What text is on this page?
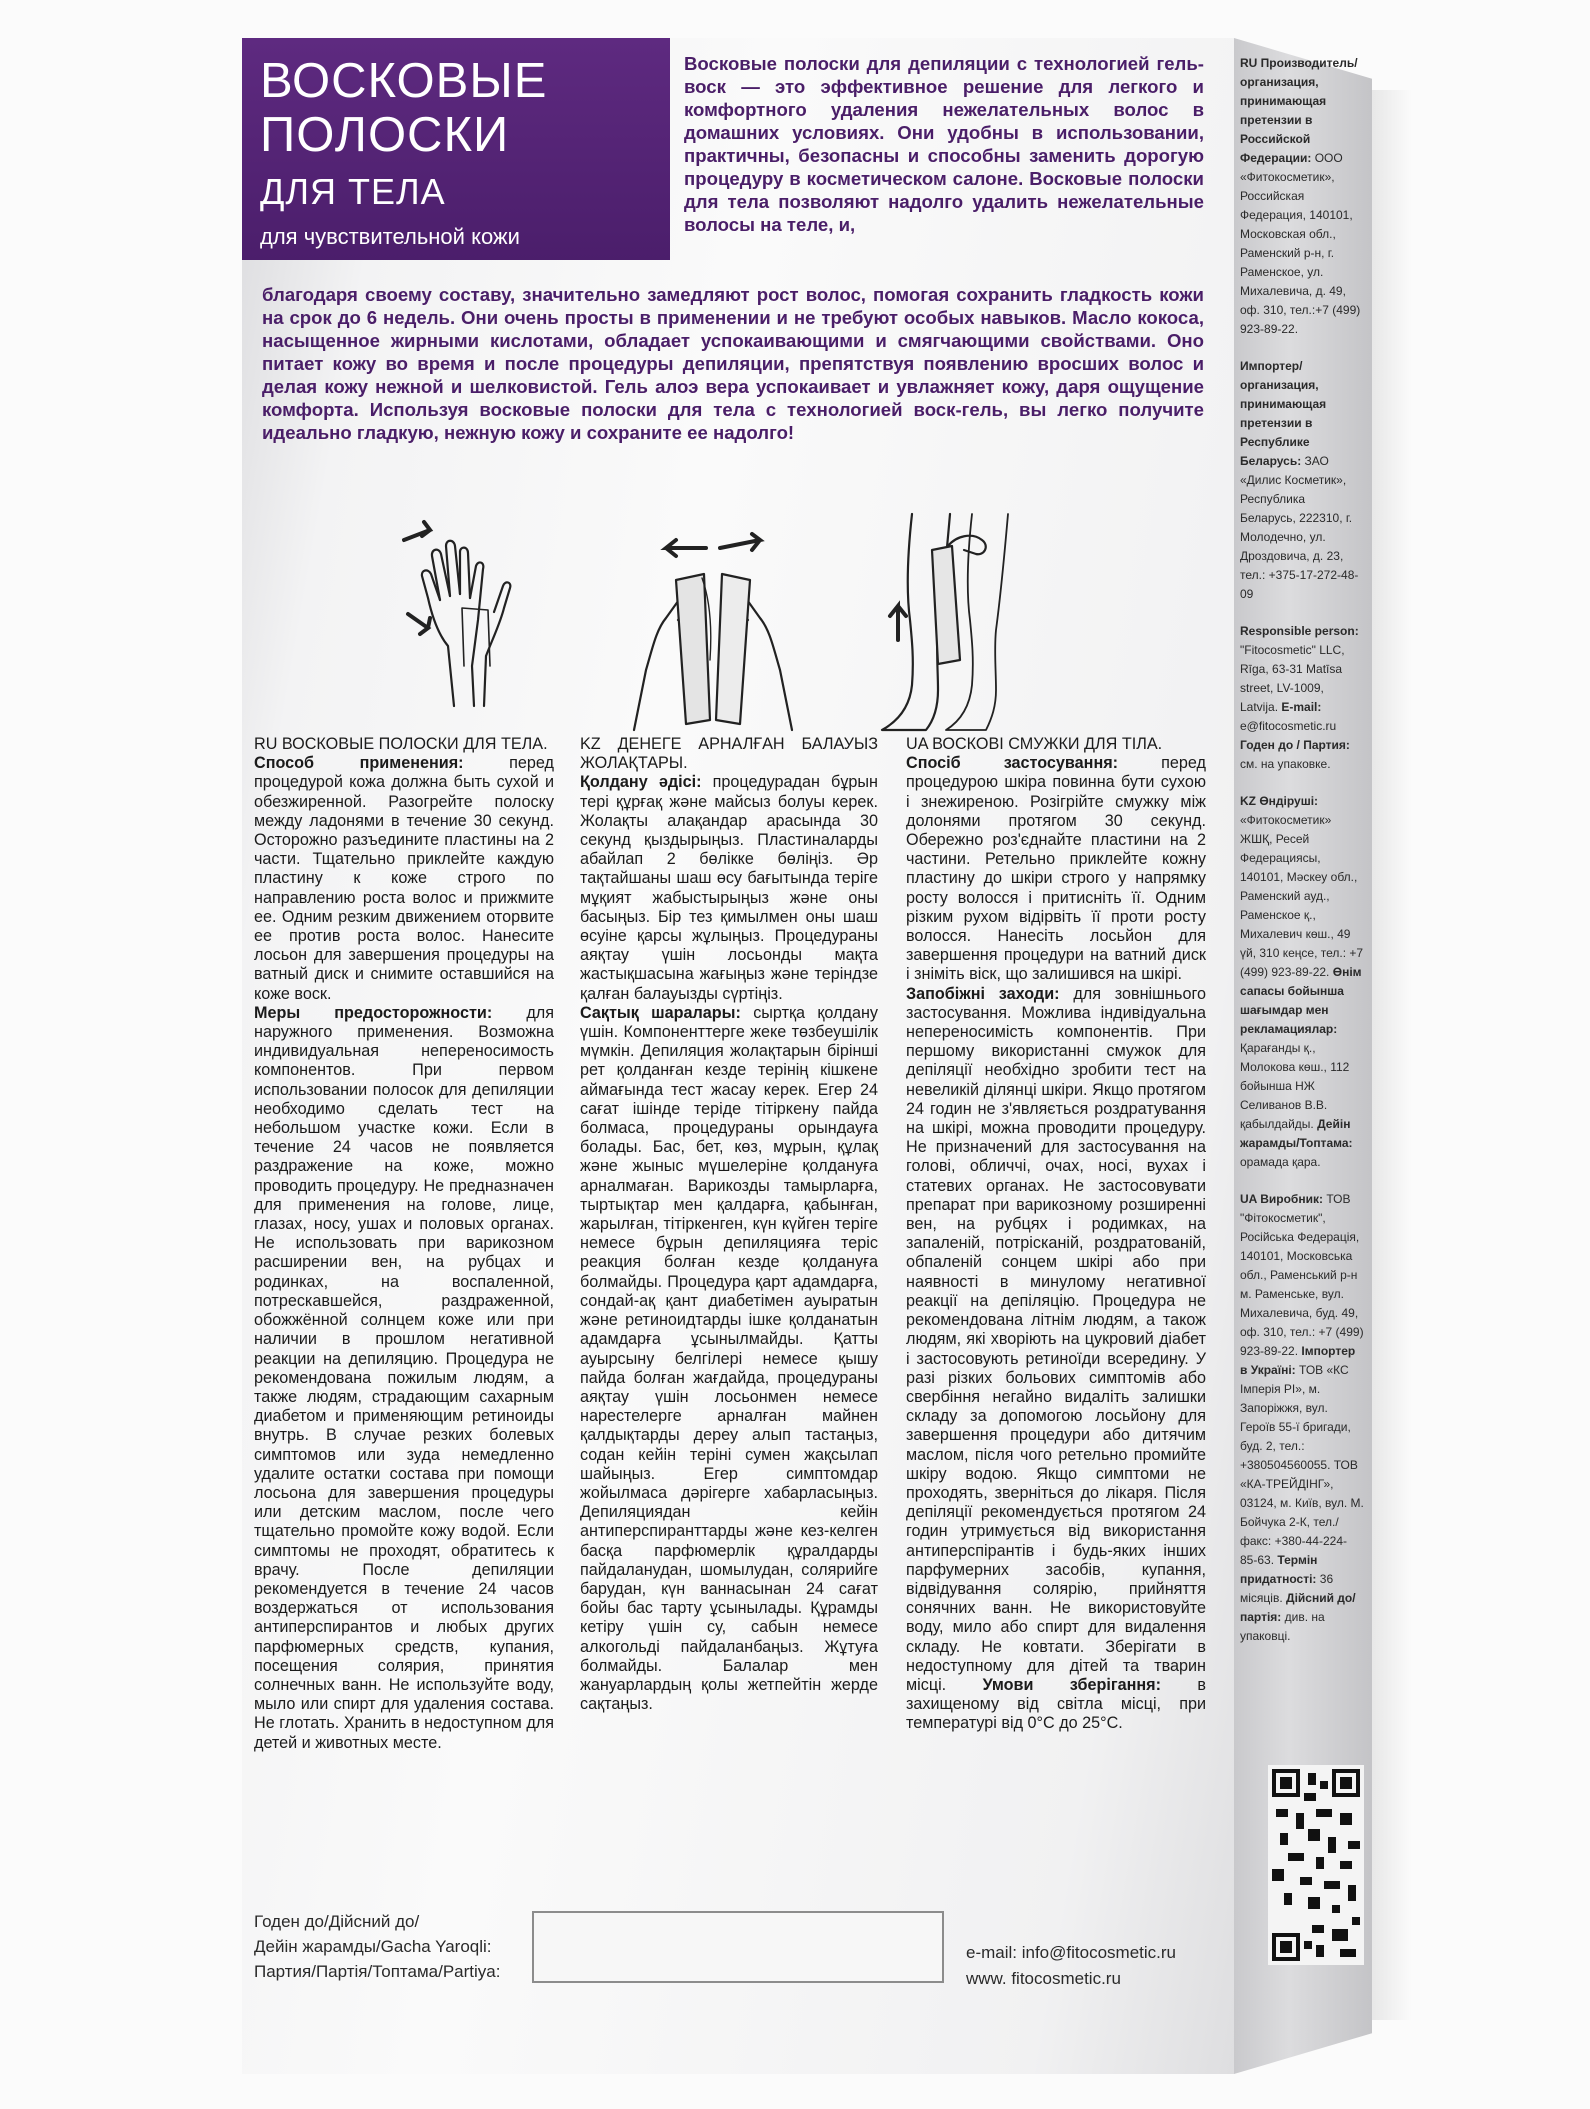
ВОСКОВЫЕ
ПОЛОСКИ
ДЛЯ ТЕЛА
для чувствительной кожи
Восковые полоски для депиляции с технологией гель-воск — это эффективное решение для легкого и комфортного удаления нежелательных волос в домашних условиях. Они удобны в использовании, практичны, безопасны и способны заменить дорогую процедуру в косметическом салоне. Восковые полоски для тела позволяют надолго удалить нежелательные волосы на теле, и,
благодаря своему составу, значительно замедляют рост волос, помогая сохранить гладкость кожи на срок до 6 недель. Они очень просты в применении и не требуют особых навыков. Масло кокоса, насыщенное жирными кислотами, обладает успокаивающими и смягчающими свойствами. Оно питает кожу во время и после процедуры депиляции, препятствуя появлению вросших волос и делая кожу нежной и шелковистой. Гель алоэ вера успокаивает и увлажняет кожу, даря ощущение комфорта. Используя восковые полоски для тела с технологией воск-гель, вы легко получите идеально гладкую, нежную кожу и сохраните ее надолго!

RU Производитель/ организация, принимающая претензии в Российской Федерации: ООО «Фитокосметик», Российская Федерация, 140101, Московская обл., Раменский р-н, г. Раменское, ул. Михалевича, д. 49, оф. 310, тел.:+7 (499) 923-89-22.

Импортер/организация, принимающая претензии в Республике Беларусь: ЗАО «Дилис Косметик», Республика Беларусь, 222310, г. Молодечно, ул. Дроздовича, д. 23, тел.: +375-17-272-48-09

Responsible person: "Fitocosmetic" LLC, Rīga, 63-31 Matīsa street, LV-1009, Latvija. E-mail: e@fitocosmetic.ru Годен до / Партия: см. на упаковке.

KZ Өндіруші: «Фитокосметик» ЖШҚ, Ресей Федерациясы, 140101, Мәскеу обл., Раменский ауд., Раменское қ., Михалевич көш., 49 үй, 310 кеңсе, тел.: +7 (499) 923-89-22. Өнім сапасы бойынша шағымдар мен рекламациялар: Қарағанды қ., Молокова көш., 112 бойынша НЖ Селиванов В.В. қабылдайды. Дейін жарамды/Топтама: орамада қара.

UA Виробник: ТОВ "Фітокосметик", Російська Федерація, 140101, Московська обл., Раменський р-н м. Раменське, вул. Михалевича, буд. 49, оф. 310, тел.: +7 (499) 923-89-22. Імпортер в Україні: ТОВ «КС Імперія РІ», м. Запоріжжя, вул. Героїв 55-ї бригади, буд. 2, тел.: +380504560055. ТОВ «КА-ТРЕЙДІНГ», 03124, м. Київ, вул. М. Бойчука 2-К, тел./факс: +380-44-224-85-63. Термін придатності: 36 місяців. Дійсний до/партія: див. на упаковці.

RU ВОСКОВЫЕ ПОЛОСКИ ДЛЯ ТЕЛА.
Способ применения:	перед процедурой кожа должна быть сухой и обезжиренной. Разогрейте полоску между ладонями в течение 30 секунд. Осторожно разъедините пластины на 2 части. Тщательно приклейте каждую пластину к коже строго по направлению роста волос и прижмите ее. Одним резким движением оторвите ее против роста волос. Нанесите лосьон для завершения процедуры на ватный диск и снимите оставшийся на коже воск.
Меры предосторожности: для наружного применения. Возможна индивидуальная непереносимость компонентов. При первом использовании полосок для депиляции необходимо сделать тест на небольшом участке кожи. Если в течение 24 часов не появляется раздражение на коже, можно проводить процедуру. Не предназначен для применения на голове, лице, глазах, носу, ушах и половых органах. Не использовать при варикозном расширении вен, на рубцах и родинках, на воспаленной, потрескавшейся, раздраженной, обожжённой солнцем коже или при наличии в прошлом негативной реакции на депиляцию. Процедура не рекомендована пожилым людям, а также людям, страдающим сахарным диабетом и применяющим ретиноиды внутрь. В случае резких болевых симптомов или зуда немедленно удалите остатки состава при помощи лосьона для завершения процедуры или детским маслом, после чего тщательно промойте кожу водой. Если симптомы не проходят, обратитесь к врачу. После депиляции рекомендуется в течение 24 часов воздержаться от использования антиперспирантов и любых других парфюмерных средств, купания, посещения солярия, принятия солнечных ванн. Не используйте воду, мыло или спирт для удаления состава. Не глотать. Хранить в недоступном для детей и животных месте.
KZ ДЕНЕГЕ АРНАЛҒАН БАЛАУЫЗ ЖОЛАҚТАРЫ.
Қолдану әдісі: процедурадан бұрын тері құрғақ және майсыз болуы керек. Жолақты алақандар арасында 30 секунд қыздырыңыз. Пластиналарды абайлап 2 бөлікке бөліңіз. Әр тақтайшаны шаш өсу бағытында теріге мұқият жабыстырыңыз және оны басыңыз. Бір тез қимылмен оны шаш өсуіне қарсы жұлыңыз. Процедураны аяқтау үшін лосьонды мақта жастықшасына жағыңыз және теріндзе қалған балауызды сүртіңіз.
Сақтық шаралары: сыртқа қолдану үшін. Компоненттерге жеке төзбеушілік мүмкін. Депиляция жолақтарын бірінші рет қолданған кезде терінің кішкене аймағында тест жасау керек. Егер 24 сағат ішінде теріде тітіркену пайда болмаса, процедураны орындауға болады. Бас, бет, көз, мұрын, құлақ және жыныс мүшелеріне қолдануға арналмаған. Варикозды тамырларға, тыртықтар мен қалдарға, қабынған, жарылған, тітіркенген, күн күйген теріге немесе бұрын депиляцияға теріс реакция болған кезде қолдануға болмайды. Процедура қарт адамдарға, сондай-ақ қант диабетімен ауыратын және ретиноидтарды ішке қолданатын адамдарға ұсынылмайды. Қатты ауырсыну белгілері немесе қышу пайда болған жағдайда, процедураны аяқтау үшін лосьонмен немесе нарестелерге арналған майнен қалдықтарды дереу алып тастаңыз, содан кейін теріні сумен жақсылап шайыңыз. Егер симптомдар жойылмаса дәрігерге хабарласыңыз. Депиляциядан кейін антиперспиранттарды және кез-келген басқа парфюмерлік құралдарды пайдаланудан, шомылудан, солярийге барудан, күн ваннасынан 24 сағат бойы бас тарту ұсынылады. Құрамды кетіру үшін су, сабын немесе алкогольді пайдаланбаңыз. Жұтуға болмайды. Балалар мен жануарлардың қолы жетпейтін жерде сақтаңыз.
UA ВОСКОВІ СМУЖКИ ДЛЯ ТІЛА.
Спосіб застосування:	перед процедурою шкіра повинна бути сухою і знежиреною. Розігрійте смужку між долонями протягом 30 секунд. Обережно роз'єднайте пластини на 2 частини. Ретельно приклейте кожну пластину до шкіри строго у напрямку росту волосся і притисніть її. Одним різким рухом відірвіть її проти росту волосся. Нанесіть лосьйон для завершення процедури на ватний диск і зніміть віск, що залишився на шкірі.
Запобіжні заходи: для зовнішнього застосування. Можлива індивідуальна непереносимість компонентів. При першому використанні смужок для депіляції необхідно зробити тест на невеликій ділянці шкіри. Якщо протягом 24 годин не з'являється роздратування на шкірі, можна проводити процедуру. Не призначений для застосування на голові, обличчі, очах, носі, вухах і статевих органах. Не застосовувати препарат при варикозному розширенні вен, на рубцях і родимках, на запаленій, потрісканій, роздратованій, обпаленій сонцем шкірі або при наявності в минулому негативної реакції на депіляцію. Процедура не рекомендована літнім людям, а також людям, які хворіють на цукровий діабет і застосовують ретиноїди всередину. У разі різких больових симптомів або свербіння негайно видаліть залишки складу за допомогою лосьйону для завершення процедури або дитячим маслом, після чого ретельно промийте шкіру водою. Якщо симптоми не проходять, зверніться до лікаря. Після депіляції рекомендується протягом 24 годин утримується від використання антиперспірантів і будь-яких інших парфумерних засобів, купання, відвідування солярію, прийняття сонячних ванн. Не використовуйте воду, мило або спирт для видалення складу. Не ковтати. Зберігати в недоступному для дітей та тварин місці. Умови зберігання: в захищеному від світла місці, при температурі від 0°C до 25°C.
Годен до/Дійсний до/
Дейін жарамды/Gacha Yaroqli:
Партия/Партія/Топтама/Partiya:
e-mail: info@fitocosmetic.ru
www. fitocosmetic.ru
